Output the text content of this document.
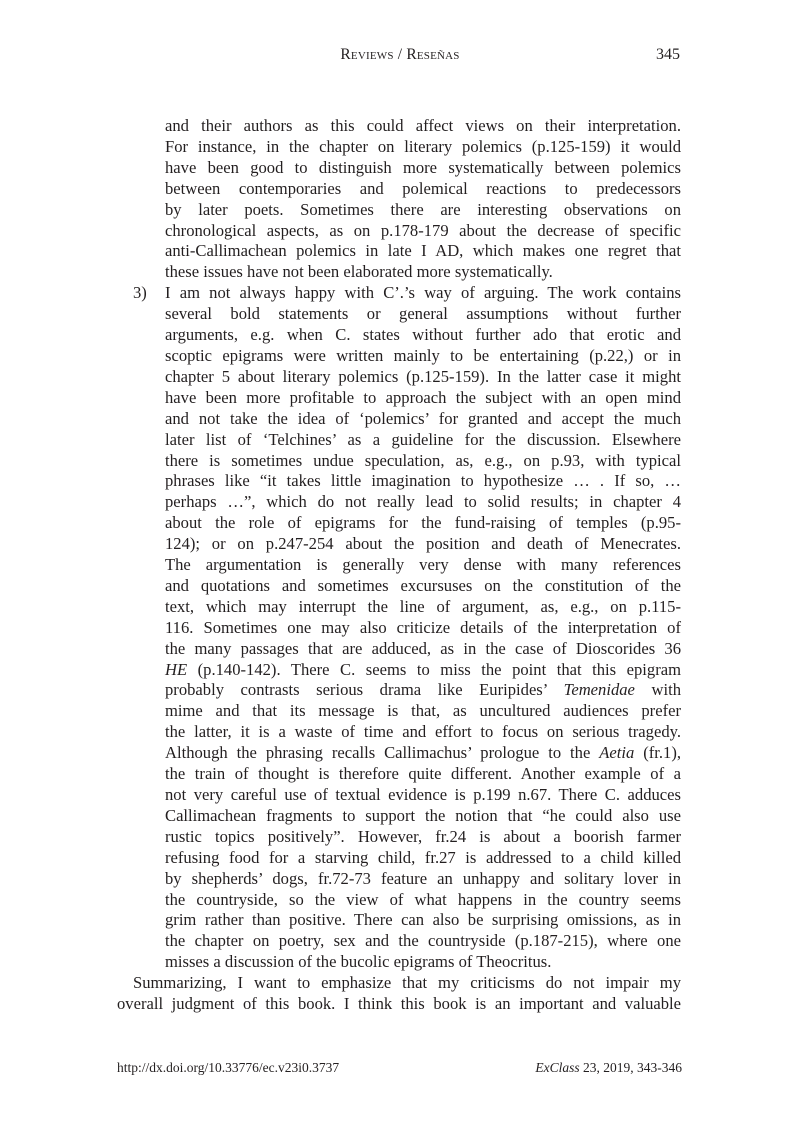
Reviews / Reseñas	345
and their authors as this could affect views on their interpretation.
For instance, in the chapter on literary polemics (p.125-159) it would
have been good to distinguish more systematically between polemics
between contemporaries and polemical reactions to predecessors
by later poets. Sometimes there are interesting observations on
chronological aspects, as on p.178-179 about the decrease of specific
anti-Callimachean polemics in late I AD, which makes one regret that
these issues have not been elaborated more systematically.
3) I am not always happy with C’.’s way of arguing. The work contains
several bold statements or general assumptions without further
arguments, e.g. when C. states without further ado that erotic and
scoptic epigrams were written mainly to be entertaining (p.22,) or in
chapter 5 about literary polemics (p.125-159). In the latter case it might
have been more profitable to approach the subject with an open mind
and not take the idea of ‘polemics’ for granted and accept the much
later list of ‘Telchines’ as a guideline for the discussion. Elsewhere
there is sometimes undue speculation, as, e.g., on p.93, with typical
phrases like “it takes little imagination to hypothesize … . If so, …
perhaps …”, which do not really lead to solid results; in chapter 4
about the role of epigrams for the fund-raising of temples (p.95-
124); or on p.247-254 about the position and death of Menecrates.
The argumentation is generally very dense with many references
and quotations and sometimes excursuses on the constitution of the
text, which may interrupt the line of argument, as, e.g., on p.115-
116. Sometimes one may also criticize details of the interpretation of
the many passages that are adduced, as in the case of Dioscorides 36
HE (p.140-142). There C. seems to miss the point that this epigram
probably contrasts serious drama like Euripides’ Temenidae with
mime and that its message is that, as uncultured audiences prefer
the latter, it is a waste of time and effort to focus on serious tragedy.
Although the phrasing recalls Callimachus’ prologue to the Aetia (fr.1),
the train of thought is therefore quite different. Another example of a
not very careful use of textual evidence is p.199 n.67. There C. adduces
Callimachean fragments to support the notion that “he could also use
rustic topics positively”. However, fr.24 is about a boorish farmer
refusing food for a starving child, fr.27 is addressed to a child killed
by shepherds’ dogs, fr.72-73 feature an unhappy and solitary lover in
the countryside, so the view of what happens in the country seems
grim rather than positive. There can also be surprising omissions, as in
the chapter on poetry, sex and the countryside (p.187-215), where one
misses a discussion of the bucolic epigrams of Theocritus.
Summarizing, I want to emphasize that my criticisms do not impair my
overall judgment of this book. I think this book is an important and valuable
http://dx.doi.org/10.33776/ec.v23i0.3737	ExClass 23, 2019, 343-346
